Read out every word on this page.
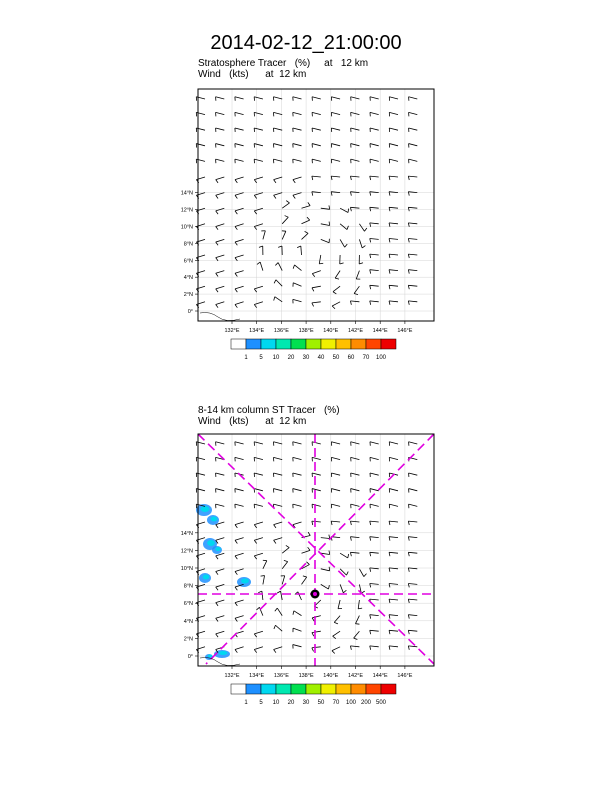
2014-02-12_21:00:00
Stratosphere Tracer   (%)     at   12 km
Wind   (kts)      at  12 km
132°E 134°E 136°E 138°E 140°E 142°E 144°E 146°E
0°
2°N
4°N
6°N
8°N
10°N
12°N
14°N
1 5 10 20 30 40 50 60 70 100
8-14 km column ST Tracer   (%)
Wind   (kts)      at  12 km
132°E 134°E 136°E 138°E 140°E 142°E 144°E 146°E
0°
2°N
4°N
6°N
8°N
10°N
12°N
14°N
1 5 10 20 30 50 70 100 200 500
